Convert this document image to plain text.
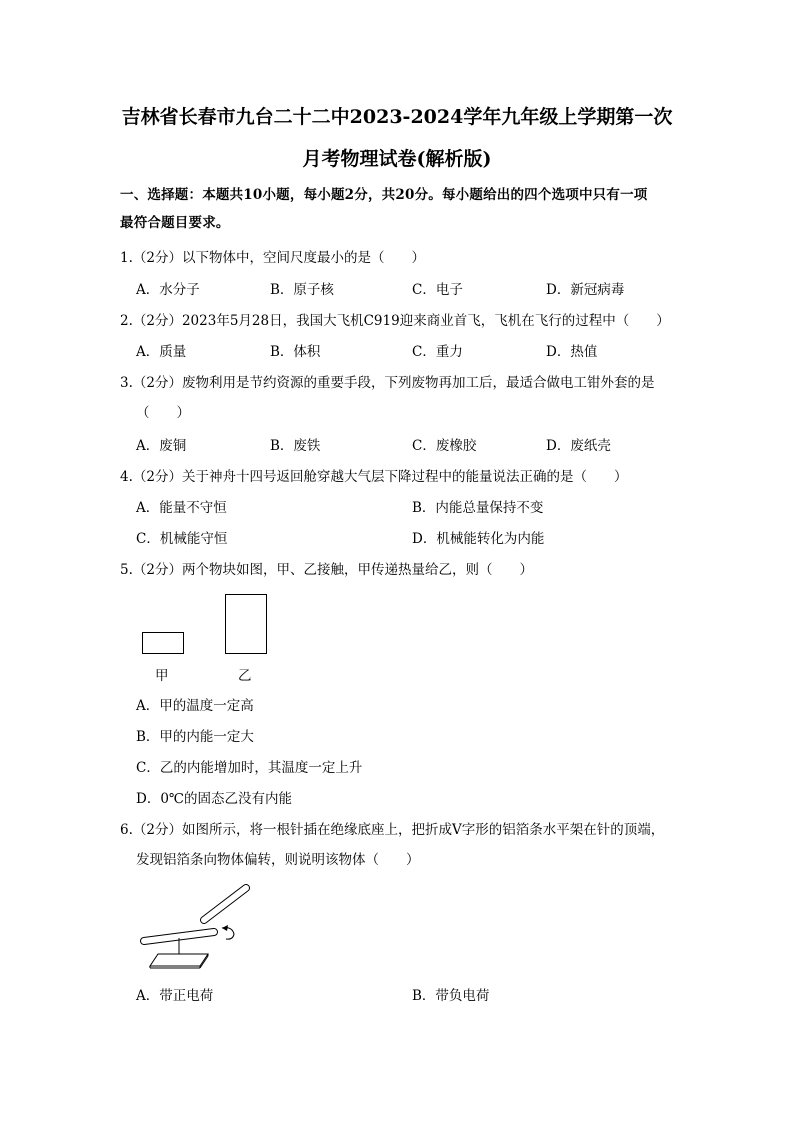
吉林省长春市九台二十二中2023-2024学年九年级上学期第一次
月考物理试卷(解析版)
一、选择题：本题共10小题，每小题2分，共20分。每小题给出的四个选项中只有一项
最符合题目要求。
1.（2分）以下物体中，空间尺度最小的是（　　）
A．水分子	B．原子核	C．电子	D．新冠病毒
2.（2分）2023年5月28日，我国大飞机C919迎来商业首飞，飞机在飞行的过程中（　　）
A．质量	B．体积	C．重力	D．热值
3.（2分）废物利用是节约资源的重要手段，下列废物再加工后，最适合做电工钳外套的是
（　　）
A．废铜	B．废铁	C．废橡胶	D．废纸壳
4.（2分）关于神舟十四号返回舱穿越大气层下降过程中的能量说法正确的是（　　）
A．能量不守恒	B．内能总量保持不变
C．机械能守恒	D．机械能转化为内能
5.（2分）两个物块如图，甲、乙接触，甲传递热量给乙，则（　　）
甲	乙
A．甲的温度一定高
B．甲的内能一定大
C．乙的内能增加时，其温度一定上升
D．0℃的固态乙没有内能
6.（2分）如图所示，将一根针插在绝缘底座上，把折成V字形的铝箔条水平架在针的顶端，
发现铝箔条向物体偏转，则说明该物体（　　）
A．带正电荷	B．带负电荷
